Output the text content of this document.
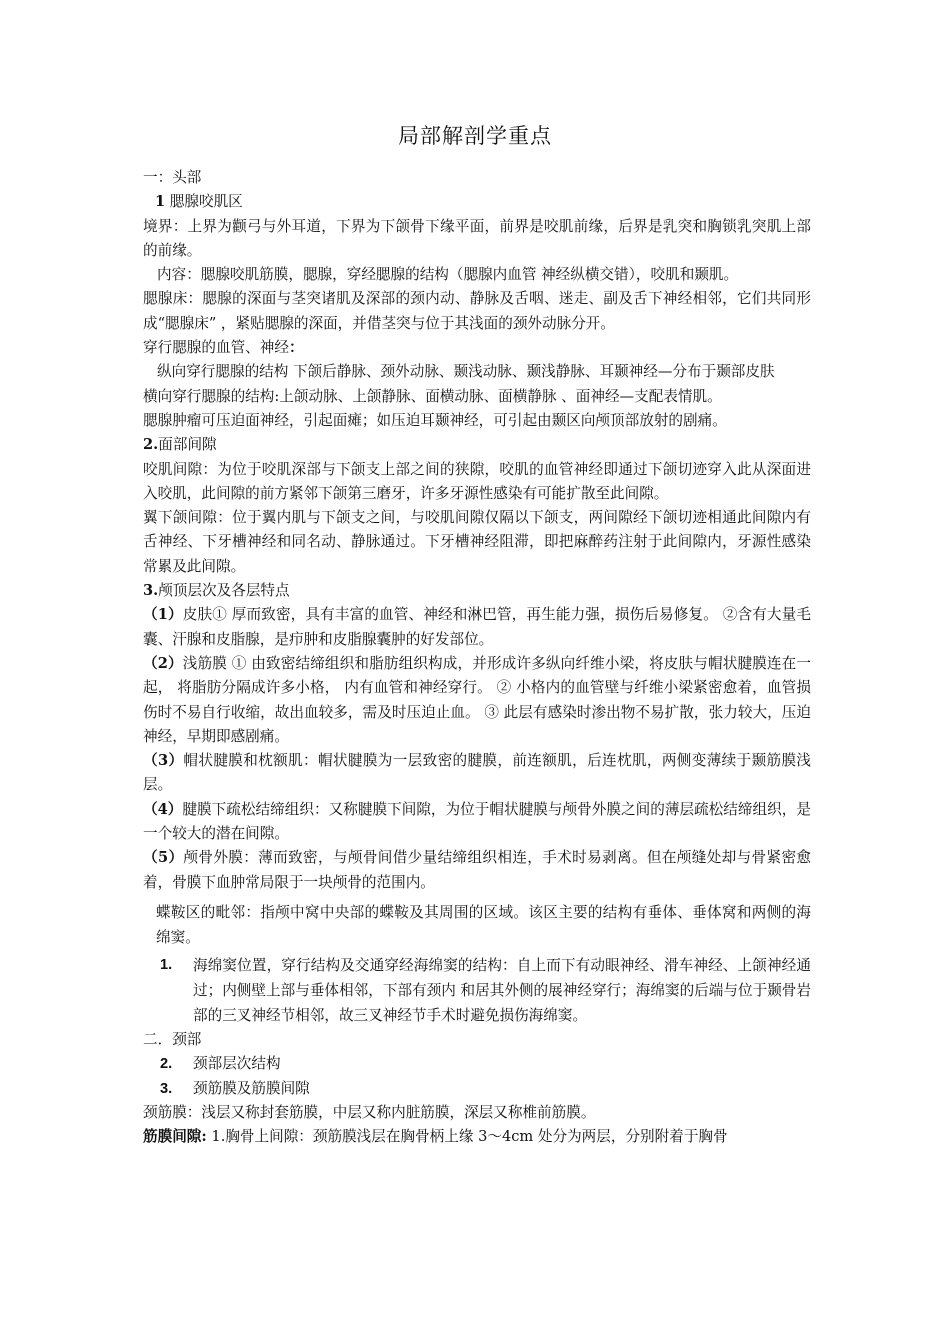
局部解剖学重点

一：头部

1 腮腺咬肌区

境界：上界为颧弓与外耳道，下界为下颌骨下缘平面，前界是咬肌前缘，后界是乳突和胸锁乳突肌上部的前缘。

内容：腮腺咬肌筋膜，腮腺，穿经腮腺的结构（腮腺内血管 神经纵横交错），咬肌和颞肌。

腮腺床：腮腺的深面与茎突诸肌及深部的颈内动、静脉及舌咽、迷走、副及舌下神经相邻，它们共同形成“腮腺床” ，紧贴腮腺的深面，并借茎突与位于其浅面的颈外动脉分开。

穿行腮腺的血管、神经：

纵向穿行腮腺的结构 下颌后静脉、颈外动脉、颞浅动脉、颞浅静脉、耳颞神经—分布于颞部皮肤

横向穿行腮腺的结构:上颌动脉、上颌静脉、面横动脉、面横静脉 、面神经—支配表情肌。

腮腺肿瘤可压迫面神经，引起面瘫；如压迫耳颞神经，可引起由颞区向颅顶部放射的剧痛。

2.面部间隙

咬肌间隙：为位于咬肌深部与下颌支上部之间的狭隙，咬肌的血管神经即通过下颌切迹穿入此从深面进入咬肌，此间隙的前方紧邻下颌第三磨牙，许多牙源性感染有可能扩散至此间隙。

翼下颌间隙：位于翼内肌与下颌支之间，与咬肌间隙仅隔以下颌支，两间隙经下颌切迹相通此间隙内有舌神经、下牙槽神经和同名动、静脉通过。下牙槽神经阻滞，即把麻醉药注射于此间隙内，牙源性感染常累及此间隙。

3.颅顶层次及各层特点

（1）皮肤① 厚而致密，具有丰富的血管、神经和淋巴管，再生能力强，损伤后易修复。 ②含有大量毛囊、汗腺和皮脂腺，是疖肿和皮脂腺囊肿的好发部位。

（2）浅筋膜 ① 由致密结缔组织和脂肪组织构成，并形成许多纵向纤维小梁，将皮肤与帽状腱膜连在一起， 将脂肪分隔成许多小格， 内有血管和神经穿行。 ② 小格内的血管壁与纤维小梁紧密愈着，血管损伤时不易自行收缩，故出血较多，需及时压迫止血。 ③ 此层有感染时渗出物不易扩散，张力较大，压迫神经，早期即感剧痛。

（3）帽状腱膜和枕额肌：帽状腱膜为一层致密的腱膜，前连额肌，后连枕肌，两侧变薄续于颞筋膜浅层。

（4）腱膜下疏松结缔组织：又称腱膜下间隙，为位于帽状腱膜与颅骨外膜之间的薄层疏松结缔组织，是一个较大的潜在间隙。

（5）颅骨外膜：薄而致密，与颅骨间借少量结缔组织相连，手术时易剥离。但在颅缝处却与骨紧密愈着，骨膜下血肿常局限于一块颅骨的范围内。

蝶鞍区的毗邻：指颅中窝中央部的蝶鞍及其周围的区域。该区主要的结构有垂体、垂体窝和两侧的海绵窦。

1. 海绵窦位置，穿行结构及交通穿经海绵窦的结构：自上而下有动眼神经、滑车神经、上颌神经通过；内侧壁上部与垂体相邻，下部有颈内 和居其外侧的展神经穿行；海绵窦的后端与位于颞骨岩部的三叉神经节相邻，故三叉神经节手术时避免损伤海绵窦。

二．颈部

2. 颈部层次结构

3. 颈筋膜及筋膜间隙

颈筋膜：浅层又称封套筋膜，中层又称内脏筋膜，深层又称椎前筋膜。

筋膜间隙: 1.胸骨上间隙：颈筋膜浅层在胸骨柄上缘 3～4cm 处分为两层，分别附着于胸骨
